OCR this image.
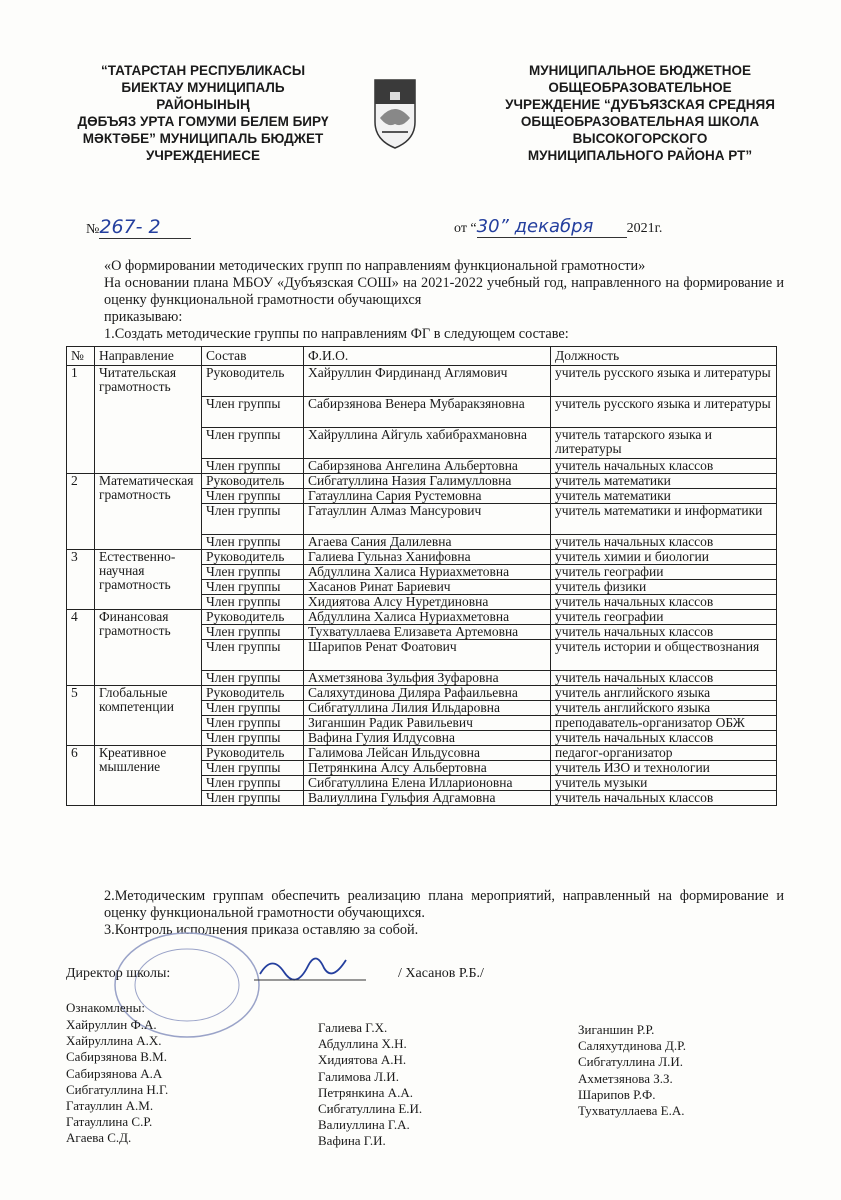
“ТАТАРСТАН РЕСПУБЛИКАСЫ
БИЕКТАУ МУНИЦИПАЛЬ
РАЙОНЫНЫҢ
ДӨБЪЯЗ УРТА ГОМУМИ БЕЛЕМ БИРҮ
МӘКТӘБЕ” МУНИЦИПАЛЬ БЮДЖЕТ
УЧРЕЖДЕНИЕСЕ
МУНИЦИПАЛЬНОЕ БЮДЖЕТНОЕ
ОБЩЕОБРАЗОВАТЕЛЬНОЕ
УЧРЕЖДЕНИЕ “ДУБЪЯЗСКАЯ СРЕДНЯЯ
ОБЩЕОБРАЗОВАТЕЛЬНАЯ ШКОЛА
ВЫСОКОГОРСКОГО
МУНИЦИПАЛЬНОГО РАЙОНА РТ”
№267- 2	от “30” декабря 2021г.

«О формировании методических групп по направлениям функциональной грамотности»

На основании плана МБОУ «Дубъязская СОШ» на 2021-2022 учебный год, направленного на формирование и оценку функциональной грамотности обучающихся

приказываю:

1.Создать методические группы по направлениям ФГ в следующем составе:

№	Направление	Состав	Ф.И.О.	Должность
1	Читательская грамотность	Руководитель	Хайруллин Фирдинанд Аглямович	учитель русского языка и литературы
		Член группы	Сабирзянова Венера Мубаракзяновна	учитель русского языка и литературы
		Член группы	Хайруллина Айгуль хабибрахмановна	учитель татарского языка и литературы
		Член группы	Сабирзянова Ангелина Альбертовна	учитель начальных классов
2	Математическая грамотность	Руководитель	Сибгатуллина Назия Галимулловна	учитель математики
		Член группы	Гатауллина Сария Рустемовна	учитель математики
		Член группы	Гатауллин Алмаз Мансурович	учитель математики и информатики
		Член группы	Агаева Сания Далилевна	учитель начальных классов
3	Естественно-научная грамотность	Руководитель	Галиева Гульназ Ханифовна	учитель химии и биологии
		Член группы	Абдуллина Халиса Нуриахметовна	учитель географии
		Член группы	Хасанов Ринат Бариевич	учитель физики
		Член группы	Хидиятова Алсу Нуретдиновна	учитель начальных классов
4	Финансовая грамотность	Руководитель	Абдуллина Халиса Нуриахметовна	учитель географии
		Член группы	Тухватуллаева Елизавета Артемовна	учитель начальных классов
		Член группы	Шарипов Ренат Фоатович	учитель истории и обществознания
		Член группы	Ахметзянова Зульфия Зуфаровна	учитель начальных классов
5	Глобальные компетенции	Руководитель	Саляхутдинова Диляра Рафаильевна	учитель английского языка
		Член группы	Сибгатуллина Лилия Ильдаровна	учитель английского языка
		Член группы	Зиганшин Радик Равильевич	преподаватель-организатор ОБЖ
		Член группы	Вафина Гулия Илдусовна	учитель начальных классов
6	Креативное мышление	Руководитель	Галимова Лейсан Ильдусовна	педагог-организатор
		Член группы	Петрянкина Алсу Альбертовна	учитель ИЗО и технологии
		Член группы	Сибгатуллина Елена Илларионовна	учитель музыки
		Член группы	Валиуллина Гульфия Адгамовна	учитель начальных классов

2.Методическим группам обеспечить реализацию плана мероприятий, направленный на формирование и оценку функциональной грамотности обучающихся.

3.Контроль исполнения приказа оставляю за собой.

Директор школы:	/ Хасанов Р.Б./
Ознакомлены:
Хайруллин Ф.А.
Хайруллина А.Х.
Сабирзянова В.М.
Сабирзянова А.А
Сибгатуллина Н.Г.
Гатауллин А.М.
Гатауллина С.Р.
Агаева С.Д.
Галиева Г.Х.
Абдуллина Х.Н.
Хидиятова А.Н.
Галимова Л.И.
Петрянкина А.А.
Сибгатуллина Е.И.
Валиуллина Г.А.
Вафина Г.И.
Зиганшин Р.Р.
Саляхутдинова Д.Р.
Сибгатуллина Л.И.
Ахметзянова З.З.
Шарипов Р.Ф.
Тухватуллаева Е.А.
